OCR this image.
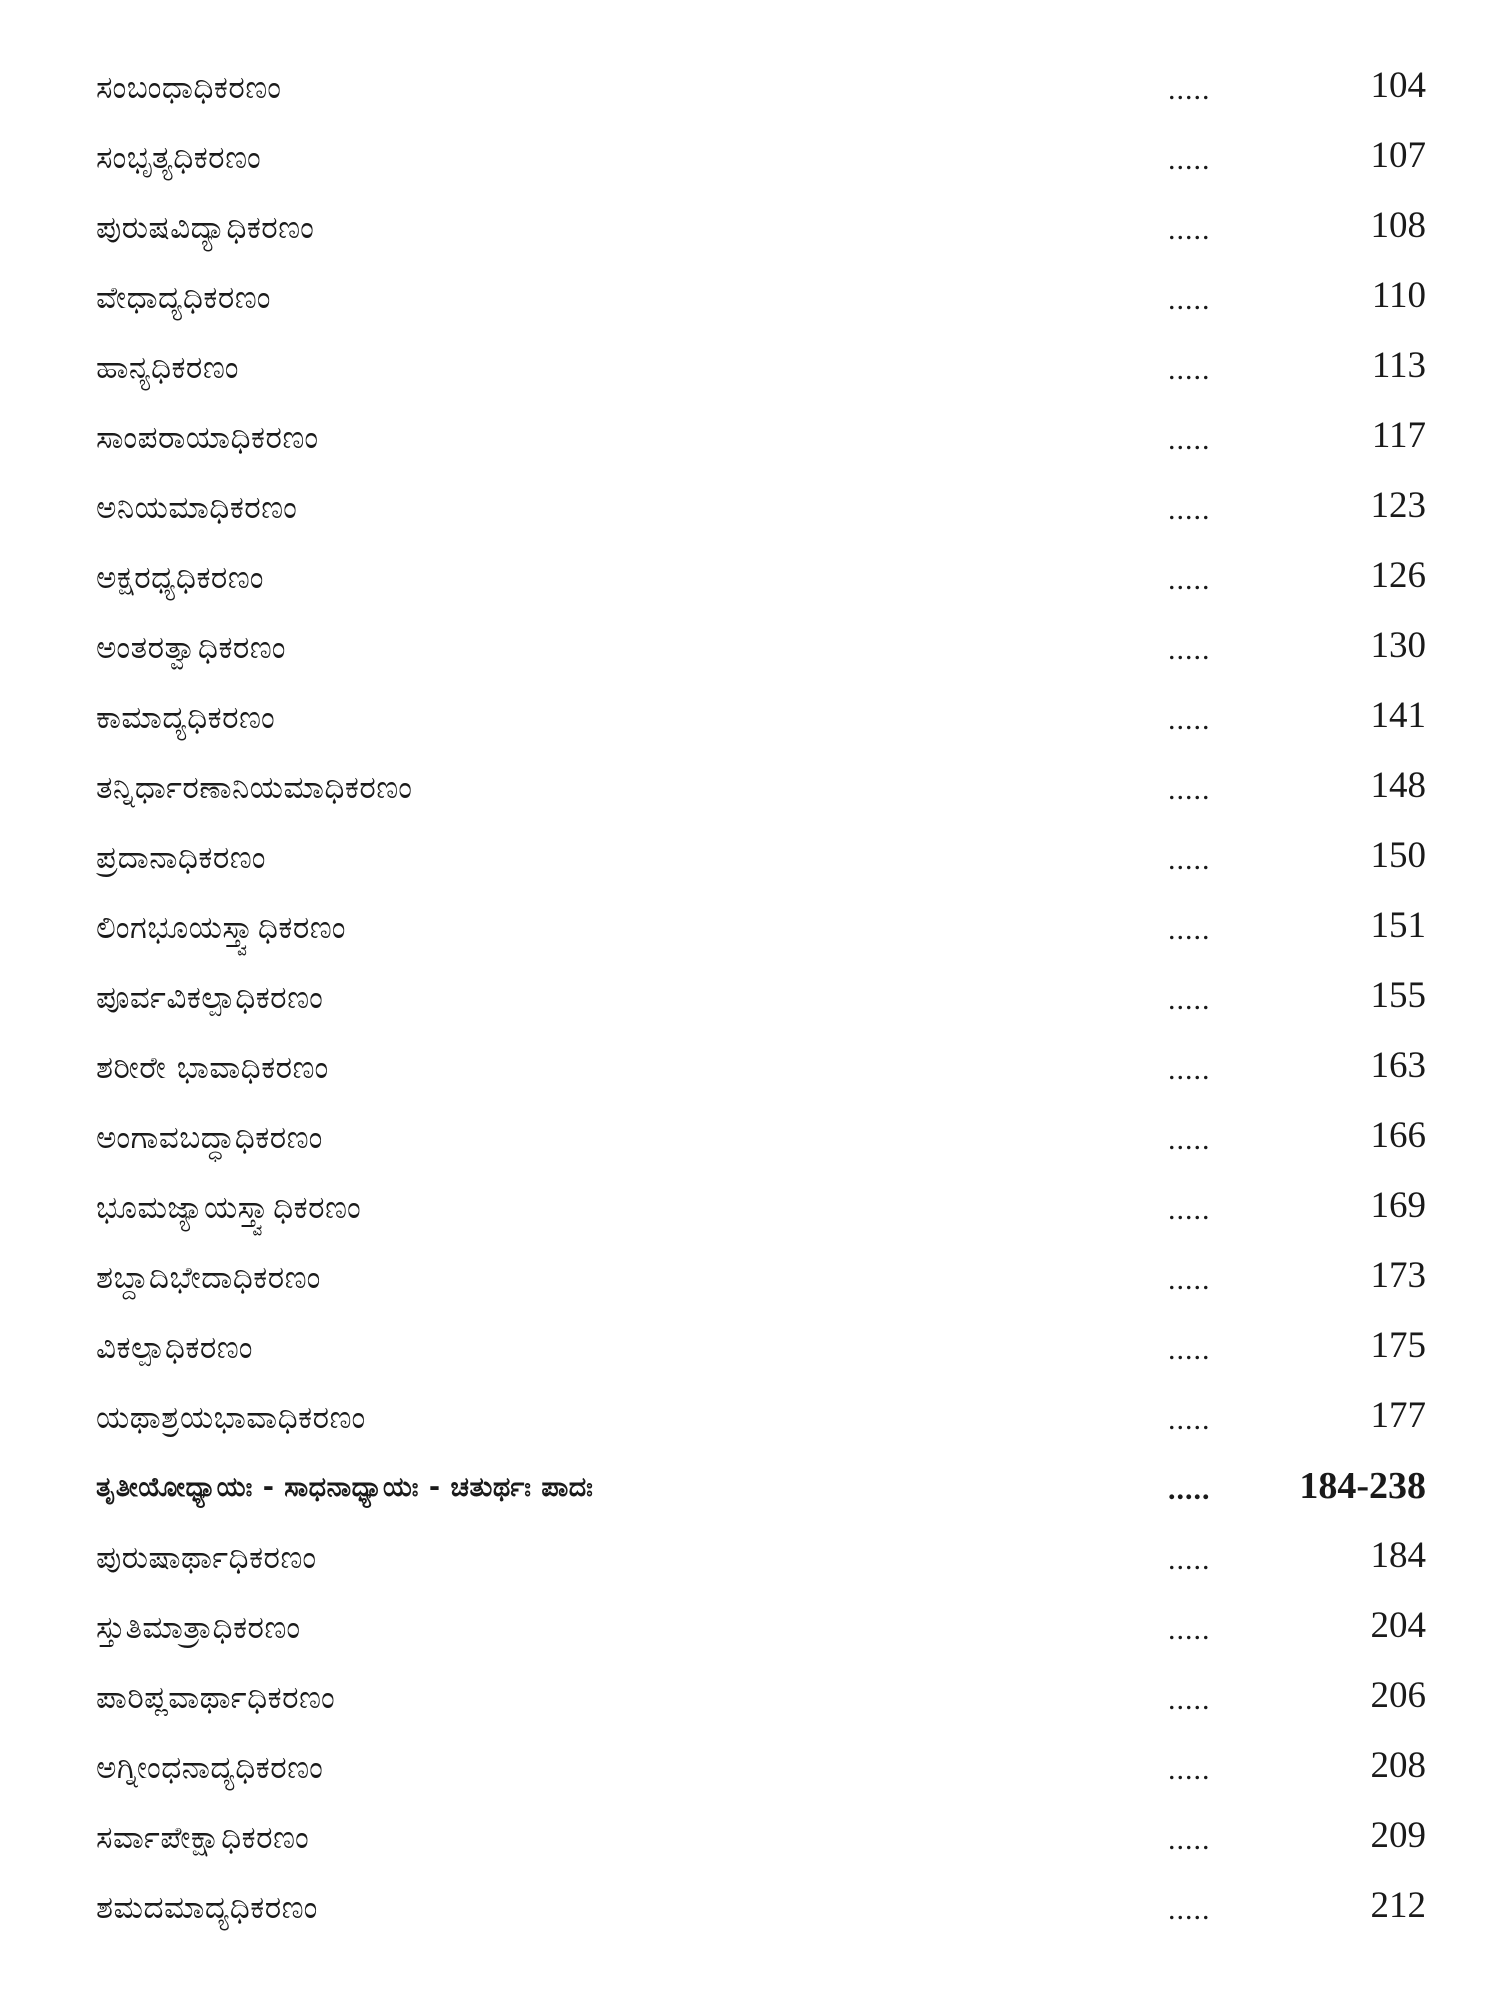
ಸಂಬಂಧಾಧಿಕರಣಂ	.....	104
ಸಂಭೃತ್ಯಧಿಕರಣಂ	.....	107
ಪುರುಷವಿದ್ಯಾಧಿಕರಣಂ	.....	108
ವೇಧಾದ್ಯಧಿಕರಣಂ	.....	110
ಹಾನ್ಯಧಿಕರಣಂ	.....	113
ಸಾಂಪರಾಯಾಧಿಕರಣಂ	.....	117
ಅನಿಯಮಾಧಿಕರಣಂ	.....	123
ಅಕ್ಷರಧ್ಯಧಿಕರಣಂ	.....	126
ಅಂತರತ್ವಾಧಿಕರಣಂ	.....	130
ಕಾಮಾದ್ಯಧಿಕರಣಂ	.....	141
ತನ್ನಿರ್ಧಾರಣಾನಿಯಮಾಧಿಕರಣಂ	.....	148
ಪ್ರದಾನಾಧಿಕರಣಂ	.....	150
ಲಿಂಗಭೂಯಸ್ತ್ವಾಧಿಕರಣಂ	.....	151
ಪೂರ್ವವಿಕಲ್ಪಾಧಿಕರಣಂ	.....	155
ಶರೀರೇ ಭಾವಾಧಿಕರಣಂ	.....	163
ಅಂಗಾವಬದ್ಧಾಧಿಕರಣಂ	.....	166
ಭೂಮಜ್ಯಾಯಸ್ತ್ವಾಧಿಕರಣಂ	.....	169
ಶಬ್ದಾದಿಭೇದಾಧಿಕರಣಂ	.....	173
ವಿಕಲ್ಪಾಧಿಕರಣಂ	.....	175
ಯಥಾಶ್ರಯಭಾವಾಧಿಕರಣಂ	.....	177
ತೃತೀಯೋಧ್ಯಾಯಃ - ಸಾಧನಾಧ್ಯಾಯಃ - ಚತುರ್ಥಃ ಪಾದಃ	..... 184-238
ಪುರುಷಾರ್ಥಾಧಿಕರಣಂ	.....	184
ಸ್ತುತಿಮಾತ್ರಾಧಿಕರಣಂ	.....	204
ಪಾರಿಪ್ಲವಾರ್ಥಾಧಿಕರಣಂ	.....	206
ಅಗ್ನೀಂಧನಾದ್ಯಧಿಕರಣಂ	.....	208
ಸರ್ವಾಪೇಕ್ಷಾಧಿಕರಣಂ	.....	209
ಶಮದಮಾದ್ಯಧಿಕರಣಂ	.....	212
